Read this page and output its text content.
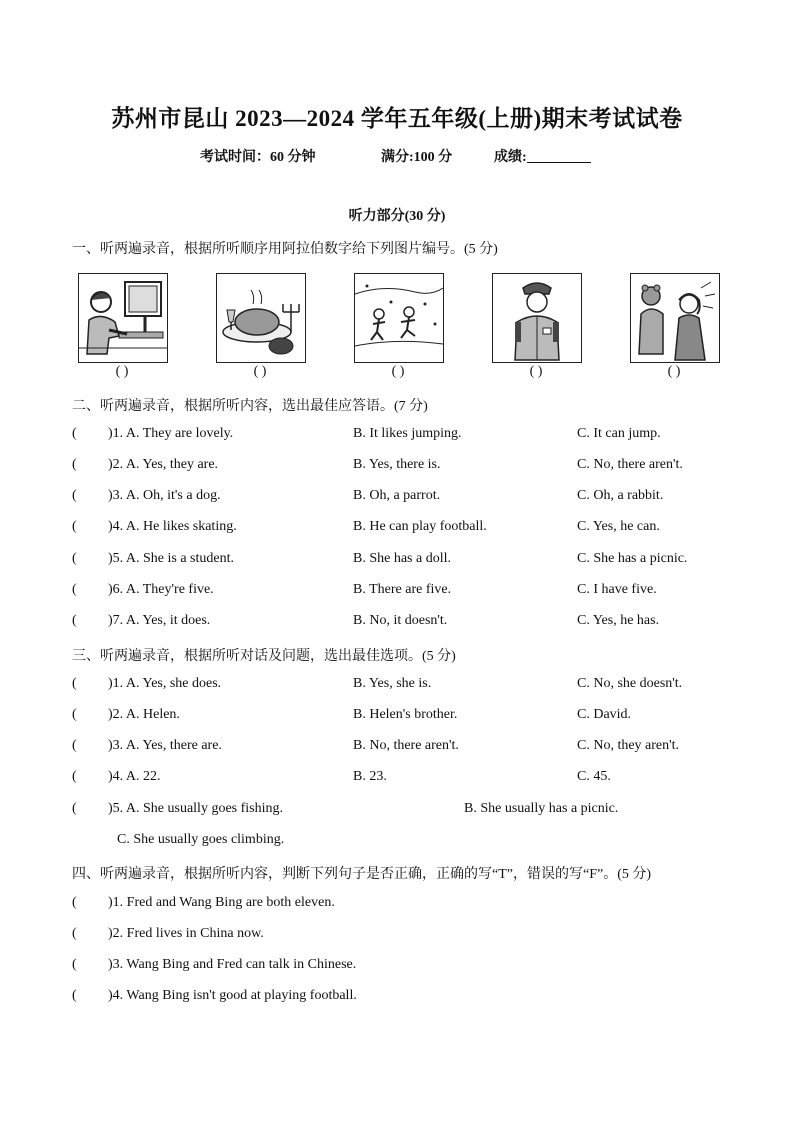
苏州市昆山 2023—2024 学年五年级(上册)期末考试试卷
考试时间：60 分钟	满分:100 分	成绩:
听力部分(30 分)
一、听两遍录音，根据所听顺序用阿拉伯数字给下列图片编号。(5 分)
( )	( )	( )	( )	( )
二、听两遍录音，根据所听内容，选出最佳应答语。(7 分)
( )1. A. They are lovely.	B. It likes jumping.	C. It can jump.
( )2. A. Yes, they are.	B. Yes, there is.	C. No, there aren't.
( )3. A. Oh, it's a dog.	B. Oh, a parrot.	C. Oh, a rabbit.
( )4. A. He likes skating.	B. He can play football.	C. Yes, he can.
( )5. A. She is a student.	B. She has a doll.	C. She has a picnic.
( )6. A. They're five.	B. There are five.	C. I have five.
( )7. A. Yes, it does.	B. No, it doesn't.	C. Yes, he has.
三、听两遍录音，根据所听对话及问题，选出最佳选项。(5 分)
( )1. A. Yes, she does.	B. Yes, she is.	C. No, she doesn't.
( )2. A. Helen.	B. Helen's brother.	C. David.
( )3. A. Yes, there are.	B. No, there aren't.	C. No, they aren't.
( )4. A. 22.	B. 23.	C. 45.
( )5. A. She usually goes fishing.	B. She usually has a picnic.
C. She usually goes climbing.
四、听两遍录音，根据所听内容，判断下列句子是否正确，正确的写“T”，错误的写“F”。(5 分)
( )1. Fred and Wang Bing are both eleven.
( )2. Fred lives in China now.
( )3. Wang Bing and Fred can talk in Chinese.
( )4. Wang Bing isn't good at playing football.
